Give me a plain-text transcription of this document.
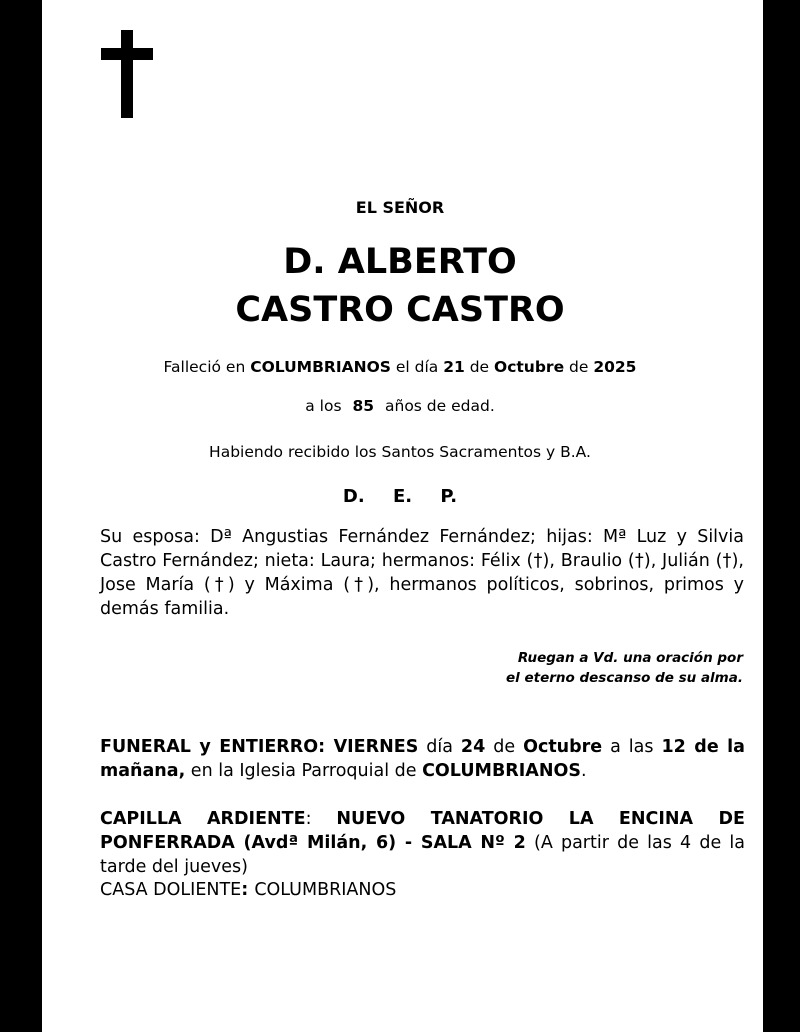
EL SEÑOR
D. ALBERTO
CASTRO CASTRO
Falleció en COLUMBRIANOS el día 21 de Octubre de 2025
a los 85 años de edad.
Habiendo recibido los Santos Sacramentos y B.A.
D. E. P.
Su esposa: Dª Angustias Fernández Fernández; hijas: Mª Luz y Silvia Castro Fernández; nieta: Laura; hermanos: Félix (†), Braulio (†), Julián (†), Jose María (†) y Máxima (†), hermanos políticos, sobrinos, primos y demás familia.
Ruegan a Vd. una oración por
el eterno descanso de su alma.
FUNERAL y ENTIERRO: VIERNES día 24 de Octubre a las 12 de la mañana, en la Iglesia Parroquial de COLUMBRIANOS.
CAPILLA ARDIENTE: NUEVO TANATORIO LA ENCINA DE PONFERRADA (Avdª Milán, 6) - SALA Nº 2 (A partir de las 4 de la tarde del jueves)
CASA DOLIENTE: COLUMBRIANOS
